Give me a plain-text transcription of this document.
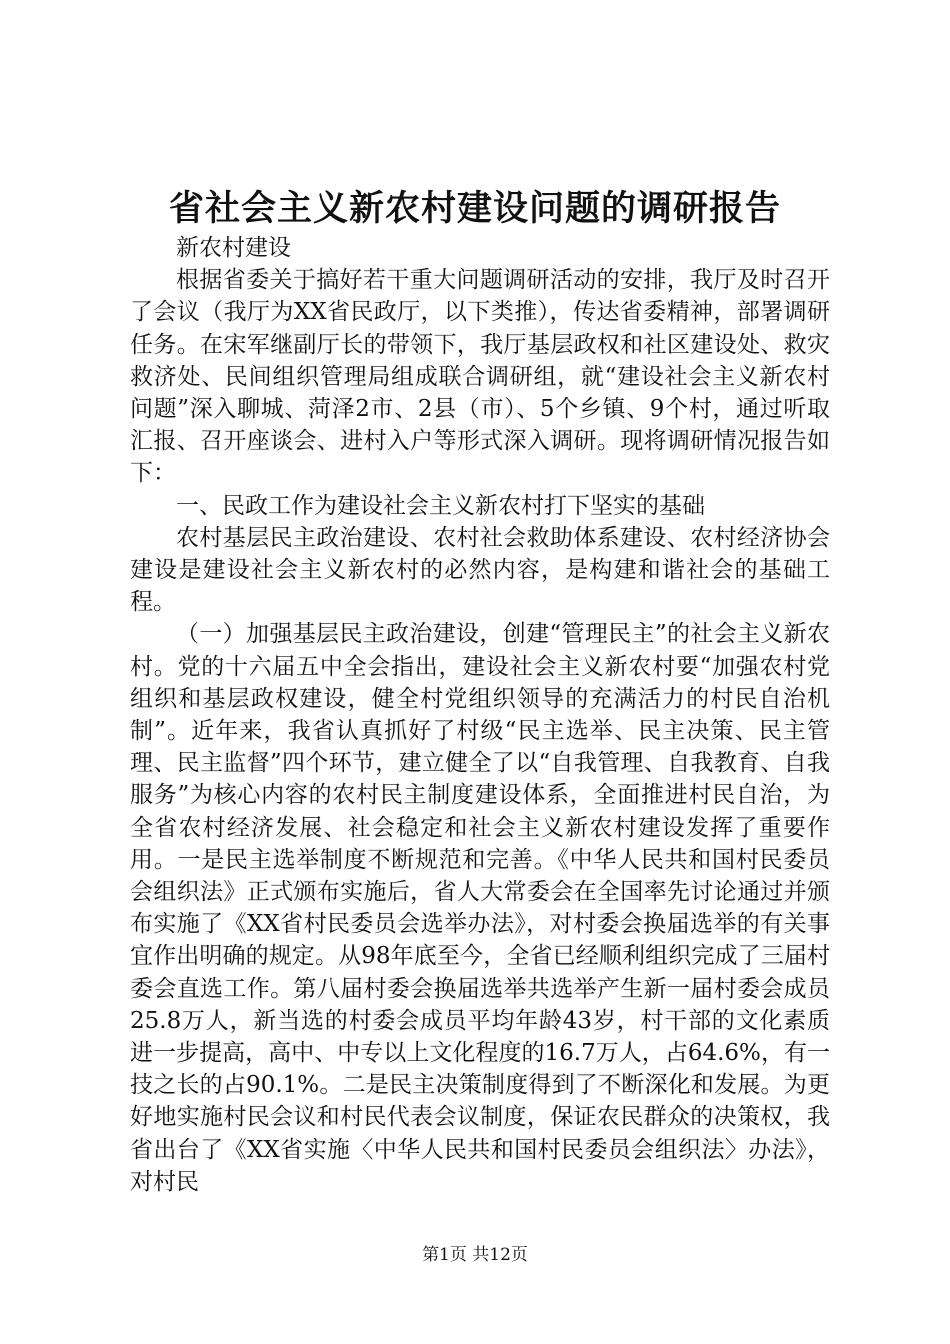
省社会主义新农村建设问题的调研报告

新农村建设

根据省委关于搞好若干重大问题调研活动的安排，我厅及时召开了会议（我厅为XX省民政厅，以下类推），传达省委精神，部署调研任务。在宋军继副厅长的带领下，我厅基层政权和社区建设处、救灾救济处、民间组织管理局组成联合调研组，就“建设社会主义新农村问题”深入聊城、菏泽2市、2县（市）、5个乡镇、9个村，通过听取汇报、召开座谈会、进村入户等形式深入调研。现将调研情况报告如下：

一、民政工作为建设社会主义新农村打下坚实的基础

农村基层民主政治建设、农村社会救助体系建设、农村经济协会建设是建设社会主义新农村的必然内容，是构建和谐社会的基础工程。

（一）加强基层民主政治建设，创建“管理民主”的社会主义新农村。党的十六届五中全会指出，建设社会主义新农村要“加强农村党组织和基层政权建设，健全村党组织领导的充满活力的村民自治机制”。近年来，我省认真抓好了村级“民主选举、民主决策、民主管理、民主监督”四个环节，建立健全了以“自我管理、自我教育、自我服务”为核心内容的农村民主制度建设体系，全面推进村民自治，为全省农村经济发展、社会稳定和社会主义新农村建设发挥了重要作用。一是民主选举制度不断规范和完善。《中华人民共和国村民委员会组织法》正式颁布实施后，省人大常委会在全国率先讨论通过并颁布实施了《XX省村民委员会选举办法》，对村委会换届选举的有关事宜作出明确的规定。从98年底至今，全省已经顺利组织完成了三届村委会直选工作。第八届村委会换届选举共选举产生新一届村委会成员25.8万人，新当选的村委会成员平均年龄43岁，村干部的文化素质进一步提高，高中、中专以上文化程度的16.7万人，占64.6%，有一技之长的占90.1%。二是民主决策制度得到了不断深化和发展。为更好地实施村民会议和村民代表会议制度，保证农民群众的决策权，我省出台了《XX省实施〈中华人民共和国村民委员会组织法〉办法》，对村民

第1页 共12页
